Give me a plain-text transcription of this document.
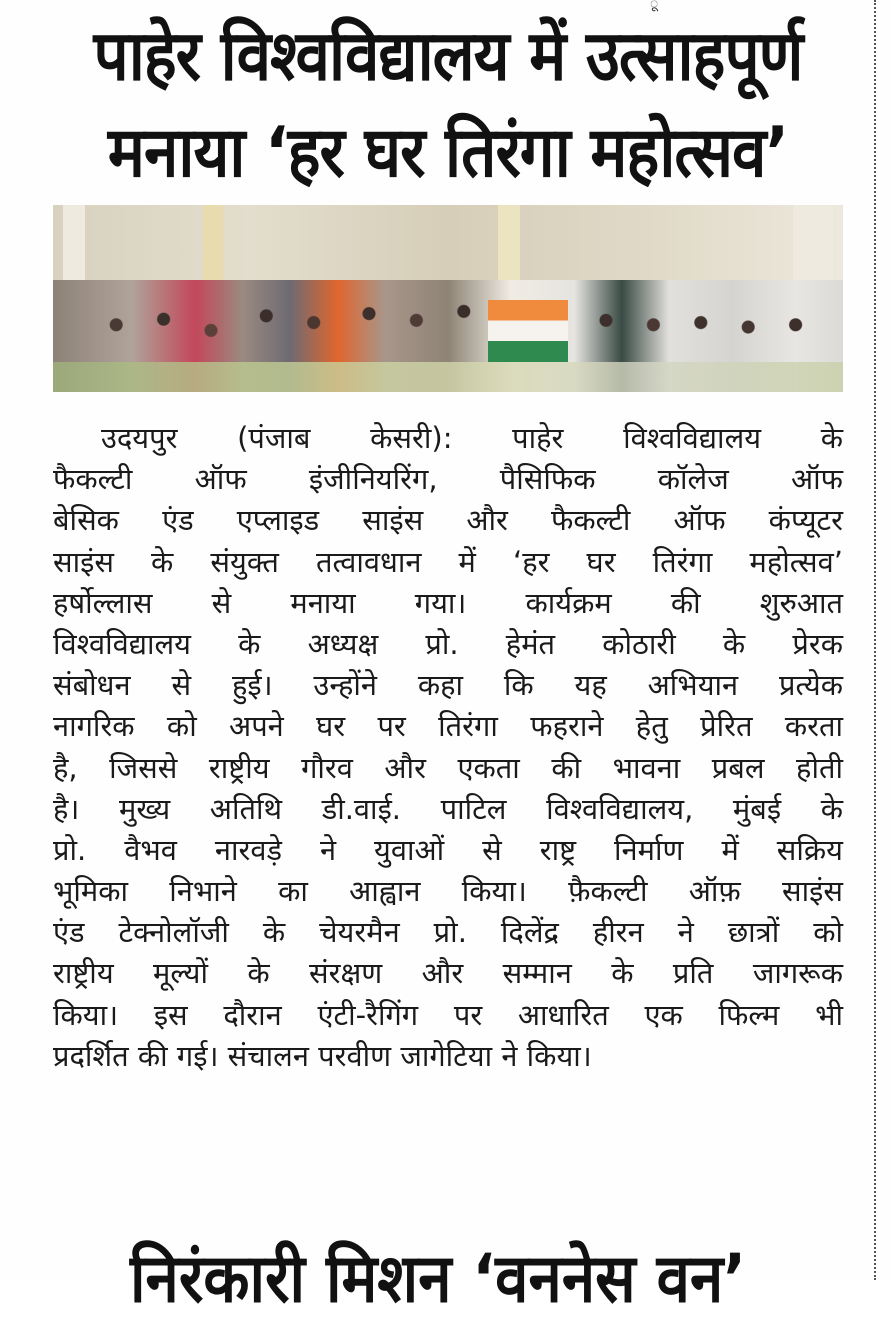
ू
पाहेर विश्वविद्यालय में उत्साहपूर्ण
मनाया ‘हर घर तिरंगा महोत्सव’
उदयपुर (पंजाब केसरी): पाहेर विश्वविद्यालय के
फैकल्टी ऑफ इंजीनियरिंग, पैसिफिक कॉलेज ऑफ
बेसिक एंड एप्लाइड साइंस और फैकल्टी ऑफ कंप्यूटर
साइंस के संयुक्त तत्वावधान में ‘हर घर तिरंगा महोत्सव’
हर्षोल्लास से मनाया गया। कार्यक्रम की शुरुआत
विश्वविद्यालय के अध्यक्ष प्रो. हेमंत कोठारी के प्रेरक
संबोधन से हुई। उन्होंने कहा कि यह अभियान प्रत्येक
नागरिक को अपने घर पर तिरंगा फहराने हेतु प्रेरित करता
है, जिससे राष्ट्रीय गौरव और एकता की भावना प्रबल होती
है। मुख्य अतिथि डी.वाई. पाटिल विश्वविद्यालय, मुंबई के
प्रो. वैभव नारवड़े ने युवाओं से राष्ट्र निर्माण में सक्रिय
भूमिका निभाने का आह्वान किया। फ़ैकल्टी ऑफ़ साइंस
एंड टेक्नोलॉजी के चेयरमैन प्रो. दिलेंद्र हीरन ने छात्रों को
राष्ट्रीय मूल्यों के संरक्षण और सम्मान के प्रति जागरूक
किया। इस दौरान एंटी-रैगिंग पर आधारित एक फिल्म भी
प्रदर्शित की गई। संचालन परवीण जागेटिया ने किया।
निरंकारी मिशन ‘वननेस वन’
